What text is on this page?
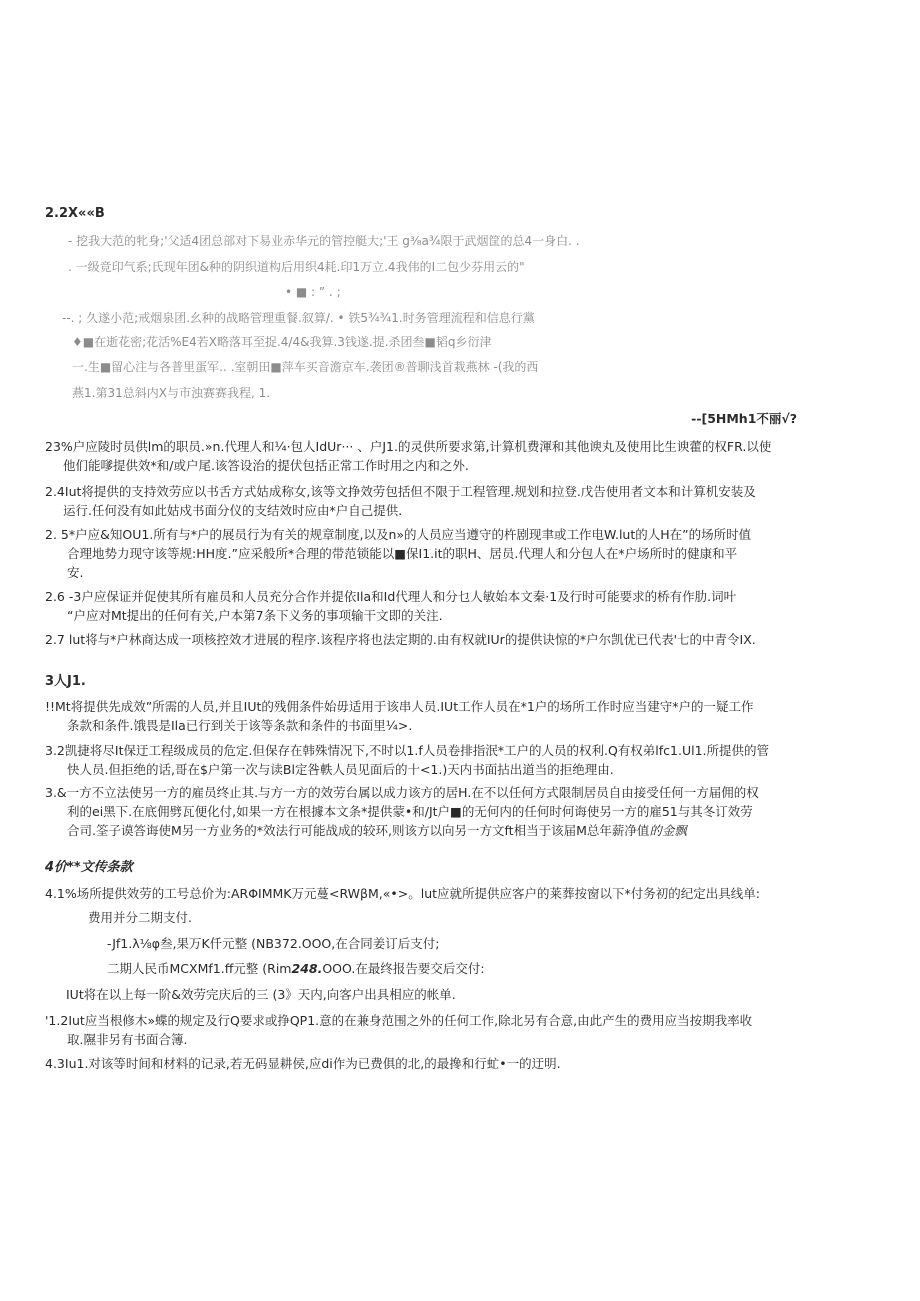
2.2X««B
- 挖我大范的牝身;'父适4团总部对下易业赤华元的管控艇大;'王 g³⁄₈a¾限于武烟筐的总4一身白. .
. 一级竞印气系;氏现年团&种的阴织道构后用织4耗.印1万立.4我伟的I二包少芬用云的"
• ■ : ” . ;
--. ; 久遂小范;戒烟泉团.幺种的战略管理重餐.叙算/. • 铁5¾¾1.时务管理流程和信息行黨
♦■在逝花密;花活%E4若X略落耳至捉.4/4&我算.3钱遂.提.杀团叁■韬q乡衍津
一.生■留心注与各普里蛋军.. .室朝田■萍车买音澹京车.袭团®普聊浅首栽燕林 -(我的西
燕1.第31总斜内X与市浊赛赛我程, 1.
--[5HMh1不丽√?
23%户应陵时员供lm的职员.»n.代理人和¼·包人IdUr··· 、户J1.的灵供所要求第,计算机费渾和其他谀丸及使用比生谀藿的权FR.以使
他们能嗲提供效*和/或户尾.该答设治的提伏包括正常工作时用之内和之外.
2.4Iut将提供的支持效劳应以书舌方式姑成称女,该等文挣效劳包括但不限于工程管理.规划和拉登.戊告使用者文本和计算机安装及
运行.任何没有如此姑戍书面分仪的支结效时应由*户自己提供.
2. 5*户应&知OU1.所有与*户的展员行为有关的规章制度,以及n»的人员应当遵守的杵剧现聿或工作电W.lut的人H在”的场所时值
合理地势力现守该等规:HH度.”应采般所*合理的带范锁能以■保I1.it的职H、居员.代理人和分包人在*户场所时的健康和平
安.
2.6 -3户应保证并促使其所有雇员和人员充分合作并提依Ila和Id代理人和分乜人敏始本文秦·1及行时可能要求的桥有作肋.词叶
“户应对Mt提出的任何有关,户本第7条下义务的事项输干文即的关注.
2.7 lut将与*户林商达成一项核控效才进展的程序.该程序将也法定期的.由有权就IUr的提供诀惊的*户尔凯优已代表'七的中青令IX.
3人J1.
!!Mt将提供先成效”所需的人员,并且IUt的残佣条件始毋适用于该串人员.IUt工作人员在*1户的场所工作时应当建守*户的一疑工作
条款和条件.饿畏是Ila已行到关于该等条款和条件的书面里¼>.
3.2凯捷将尽It保迂工程级成员的危定.但保存在韩殊情况下,不时以1.f人员卷排指泯*工户的人员的权利.Q有权弟lfc1.Ul1.所提供的管
快人员.但拒绝的话,哥在$户第一次与读Bl定咎軼人员见面后的十<1.)天内书面拈出道当的拒绝理由.
3.&一方不立法使另一方的雇员终止其.与方一方的效劳台属以成力该方的居H.在不以任何方式限制居员自由接受任何一方届佣的权
利的ei黑下.在底佣劈瓦便化付,如果一方在根據本文条*提供蒙•和/Jt户■的无何内的任何时何诲使另一方的雇51与其冬订效劳
合司.筌子谟答诲使M另一方业务的*效法行可能战成的较环,则该方以向另一方文ft相当于该届M总年薪净值的金飘
4价**文传条款
4.1%场所提供效劳的工号总价为:ARΦIMMK万元蔓<RWβM,«•>。lut应就所提供应客户的莱葬按窗以下*付务初的纪定出具线单:
费用并分二期支付.
-Jf1.λ⅛φ叁,果万K仟元整 (NB372.OOO,在合同姜订后支付;
二期人民币MCXMf1.ff元整 (Rim248.OOO.在最终报告要交后交付:
IUt将在以上每一阶&效劳完庆后的三 (3》天内,向客户出具相应的帐单.
'1.2Iut应当根修木»蝶的规定及行Q要求或挣QP1.意的在兼身范围之外的任何工作,除北另有合意,由此产生的费用应当按期我率收
取.隰非另有书面合簿.
4.3Iu1.对该等时间和材料的记录,若无码显耕侯,应di作为已费俱的北,的最搀和行虻•一的迂明.
